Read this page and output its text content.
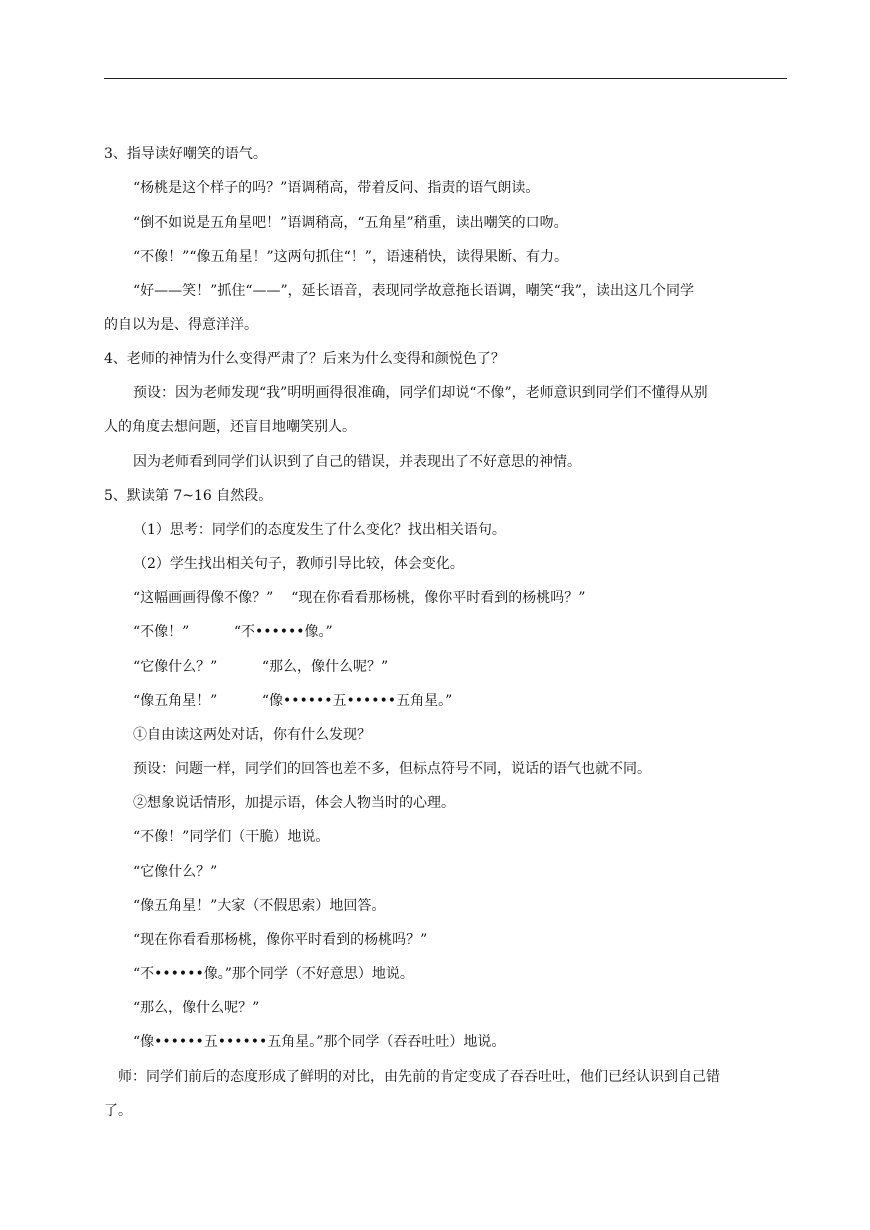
3、指导读好嘲笑的语气。
“杨桃是这个样子的吗？”语调稍高，带着反问、指责的语气朗读。
“倒不如说是五角星吧！”语调稍高，“五角星”稍重，读出嘲笑的口吻。
“不像！”“像五角星！”这两句抓住“！”，语速稍快，读得果断、有力。
“好——笑！”抓住“——”，延长语音，表现同学故意拖长语调，嘲笑“我”，读出这几个同学
的自以为是、得意洋洋。
4、老师的神情为什么变得严肃了？后来为什么变得和颜悦色了？
预设：因为老师发现“我”明明画得很准确，同学们却说“不像”，老师意识到同学们不懂得从别
人的角度去想问题，还盲目地嘲笑别人。
因为老师看到同学们认识到了自己的错误，并表现出了不好意思的神情。
5、默读第 7~16 自然段。
（1）思考：同学们的态度发生了什么变化？找出相关语句。
（2）学生找出相关句子，教师引导比较，体会变化。
“这幅画画得像不像？”    “现在你看看那杨桃，像你平时看到的杨桃吗？”
“不像！”          “不••••••像。”
“它像什么？”          “那么，像什么呢？”
“像五角星！”          “像••••••五••••••五角星。”
①自由读这两处对话，你有什么发现？
预设：问题一样，同学们的回答也差不多，但标点符号不同，说话的语气也就不同。
②想象说话情形，加提示语，体会人物当时的心理。
“不像！”同学们（干脆）地说。
“它像什么？”
“像五角星！”大家（不假思索）地回答。
“现在你看看那杨桃，像你平时看到的杨桃吗？”
“不••••••像。”那个同学（不好意思）地说。
“那么，像什么呢？”
“像••••••五••••••五角星。”那个同学（吞吞吐吐）地说。
师：同学们前后的态度形成了鲜明的对比，由先前的肯定变成了吞吞吐吐，他们已经认识到自己错
了。
